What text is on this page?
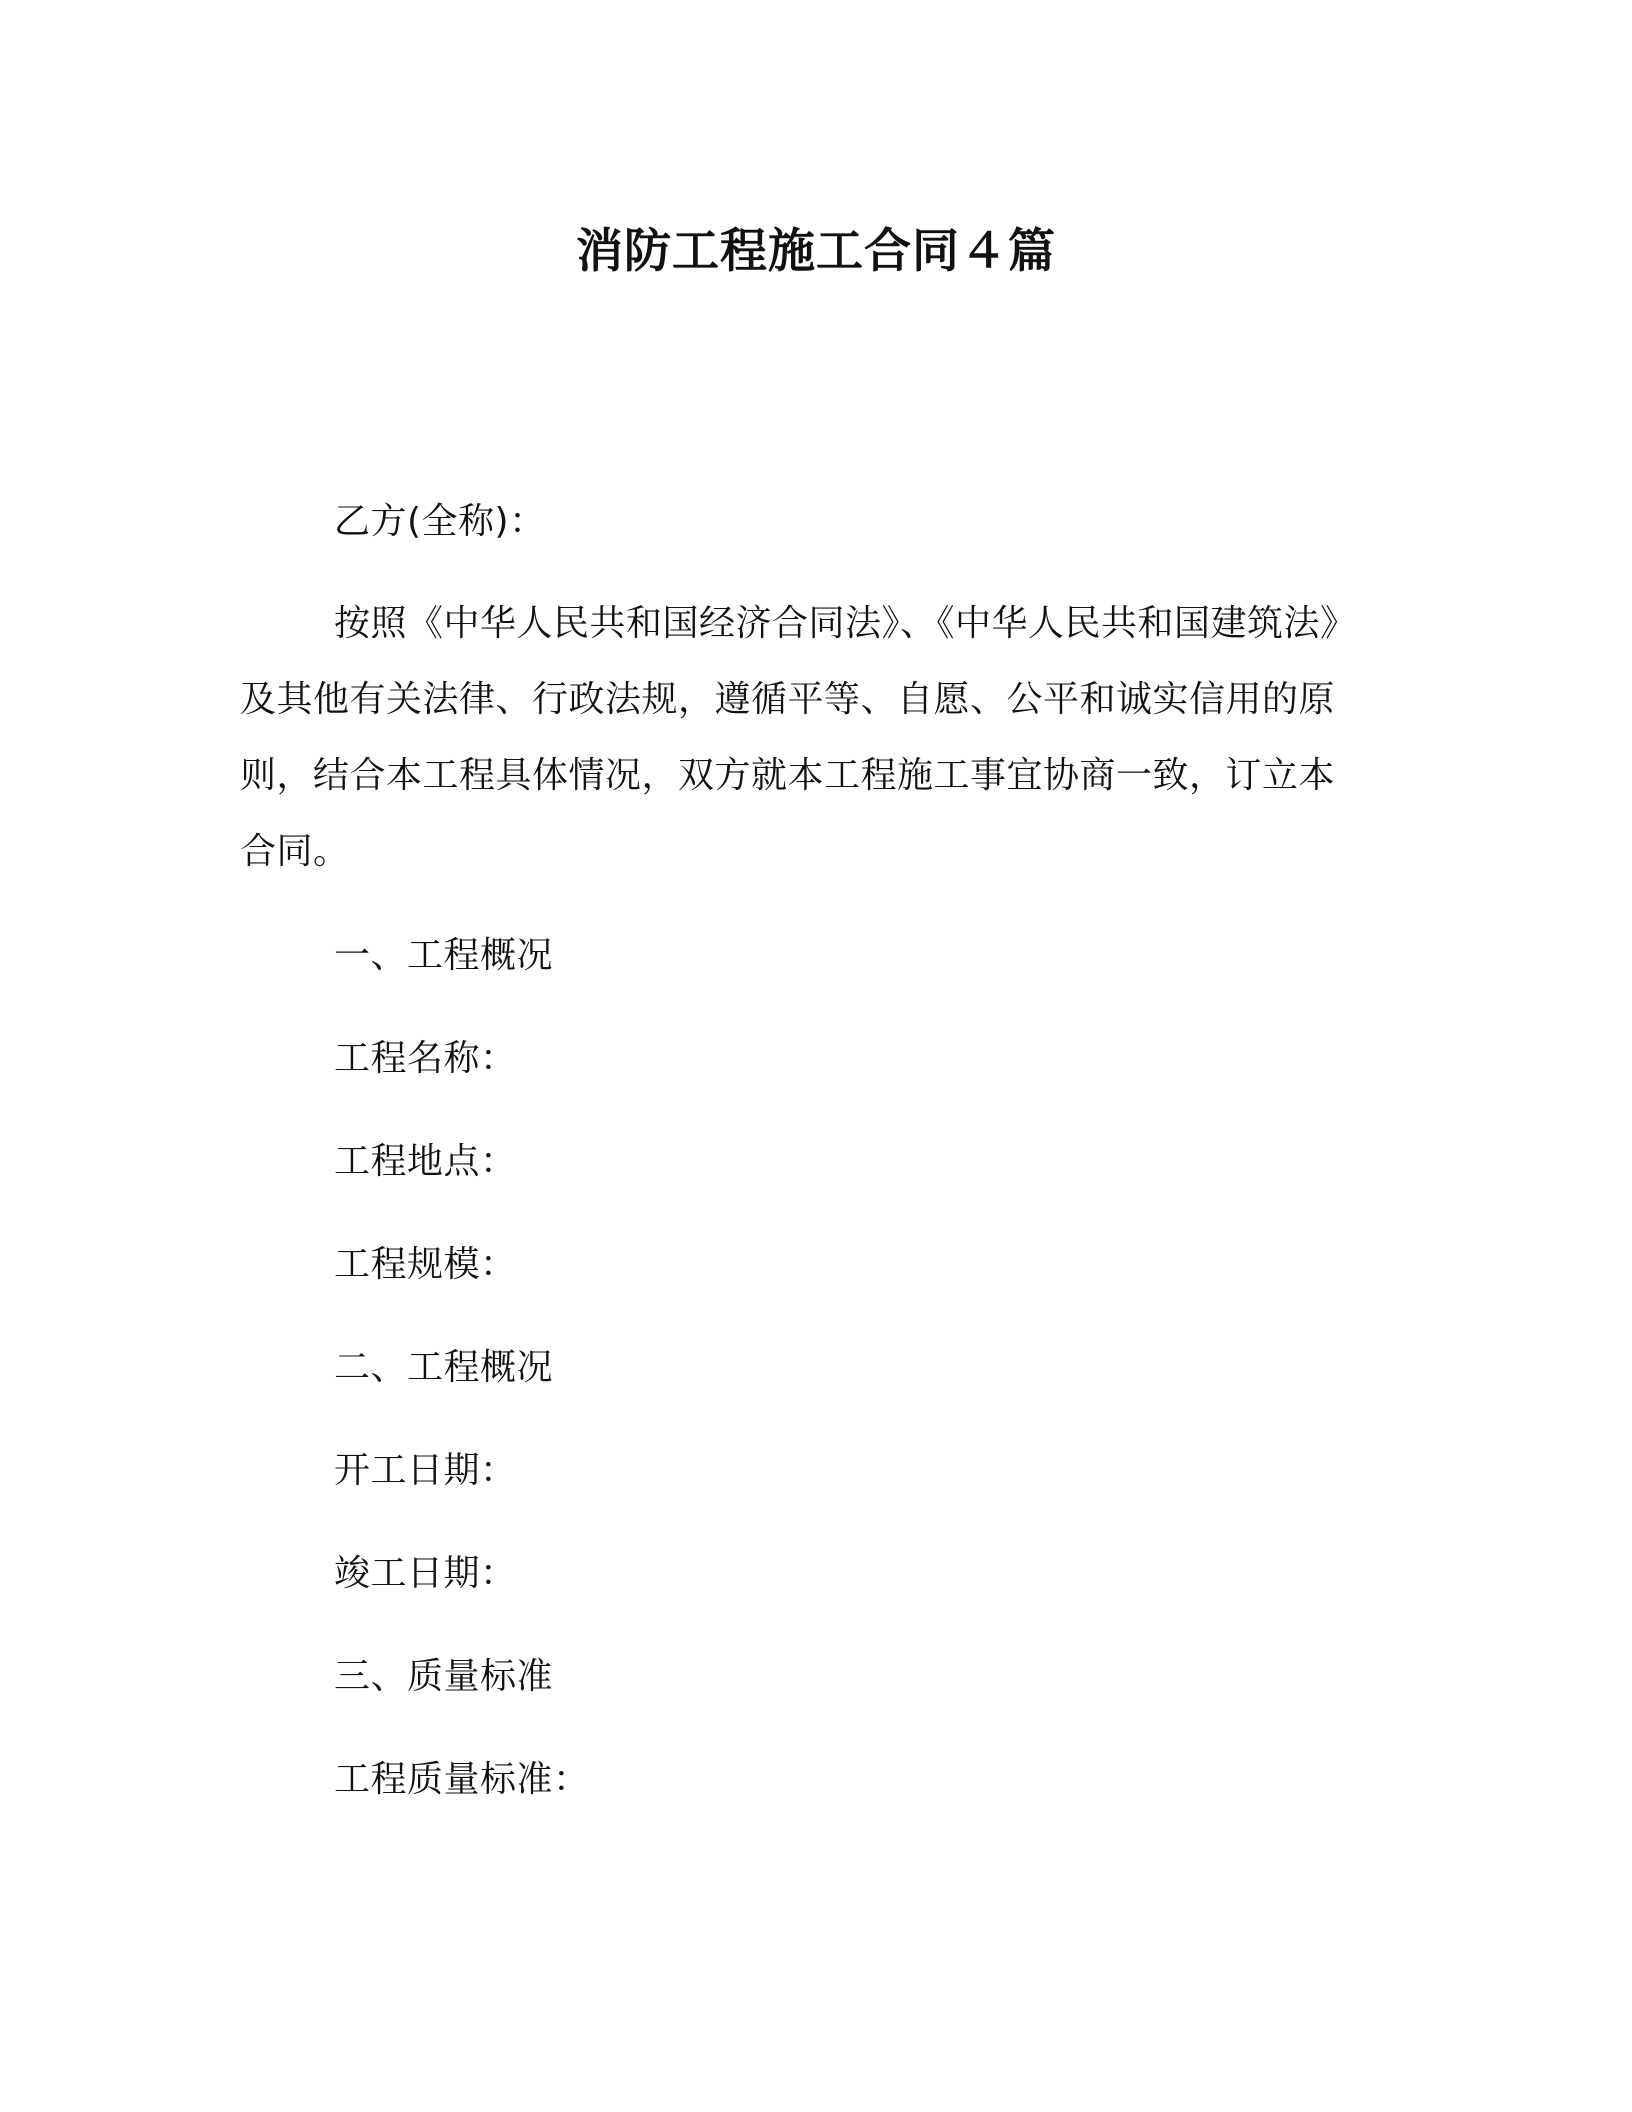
消防工程施工合同４篇
乙方(全称)：
按照《中华人民共和国经济合同法》、《中华人民共和国建筑法》
及其他有关法律、行政法规，遵循平等、自愿、公平和诚实信用的原
则，结合本工程具体情况，双方就本工程施工事宜协商一致，订立本
合同。
一、工程概况
工程名称：
工程地点：
工程规模：
二、工程概况
开工日期：
竣工日期：
三、质量标准
工程质量标准：
